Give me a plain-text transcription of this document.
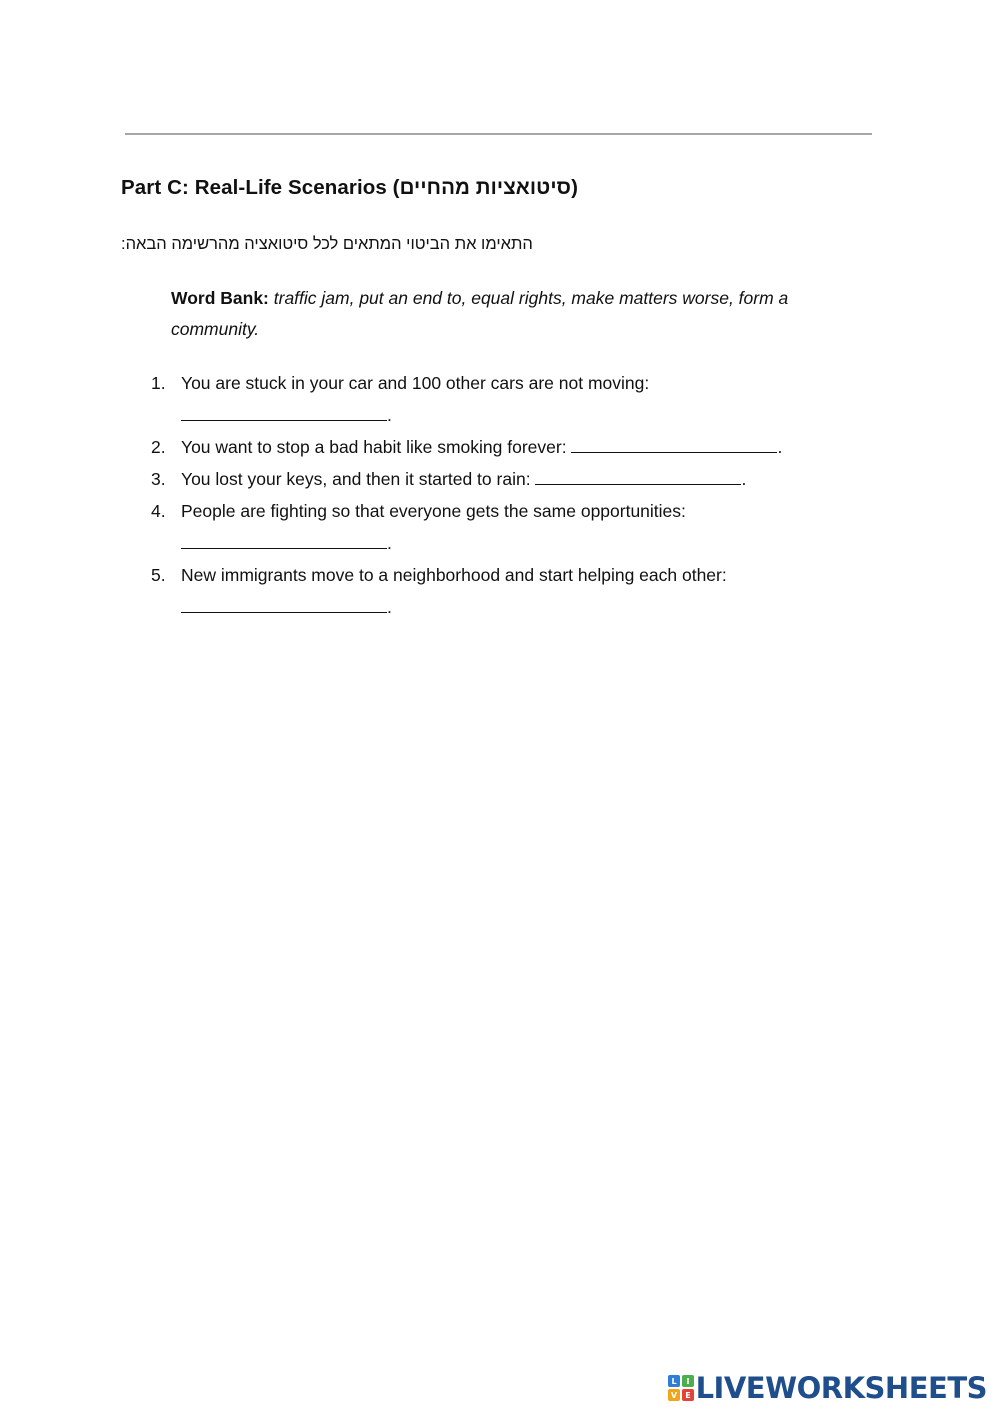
Part C: Real-Life Scenarios (סיטואציות מהחיים)
התאימו את הביטוי המתאים לכל סיטואציה מהרשימה הבאה:
Word Bank: traffic jam, put an end to, equal rights, make matters worse, form a community.
1. You are stuck in your car and 100 other cars are not moving: .
2. You want to stop a bad habit like smoking forever:	.
3. You lost your keys, and then it started to rain:	.
4. People are fighting so that everyone gets the same opportunities: .
5. New immigrants move to a neighborhood and start helping each other: .
L I
V E LIVEWORKSHEETS
